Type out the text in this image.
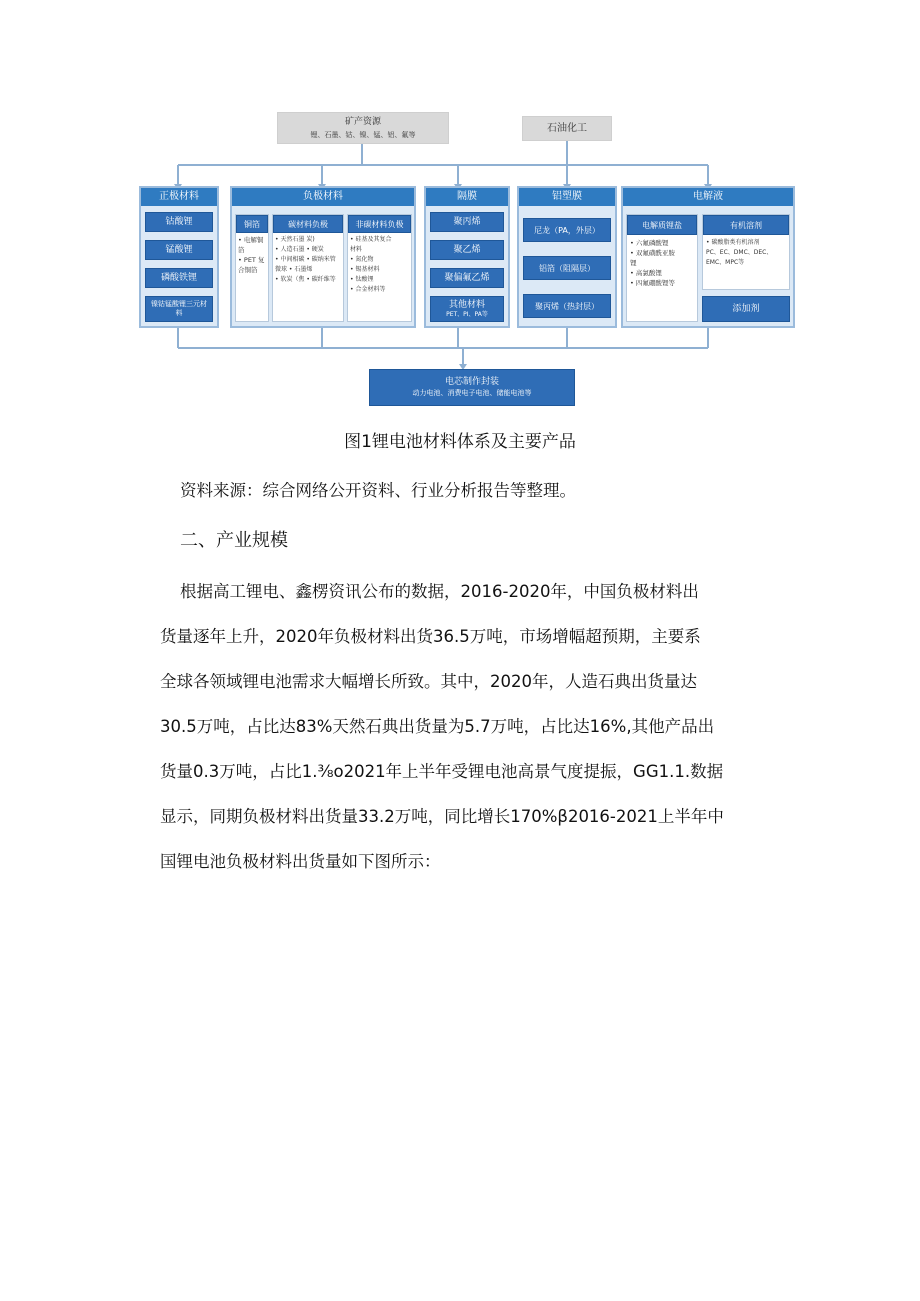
矿产资源
锂、石墨、钴、镍、锰、铝、氟等
石油化工
正极材料
钴酸锂
锰酸锂
磷酸铁锂
镍钴锰酸锂三元材料
负极材料
铜箔
• 电解铜
箔
• PET 复
合铜箔
碳材料负极
• 天然石墨 炭)
• 人造石墨 • 硬炭
• 中间相碳 • 碳纳米管
微球 • 石墨烯
• 软炭（焦 • 碳纤维等
非碳材料负极
• 硅基及其复合
材料
• 氮化物
• 锡基材料
• 钛酸锂
• 合金材料等
隔膜
聚丙烯
聚乙烯
聚偏氟乙烯
其他材料
PET、PI、PA等
铝塑膜
尼龙（PA，外层）
铝箔（阻隔层）
聚丙烯（热封层）
电解液
电解质锂盐
• 六氟磷酸锂
• 双氟磺酰亚胺
锂
• 高氯酸锂
• 四氟硼酸锂等
有机溶剂
• 碳酸脂类有机溶剂
PC、EC、DMC、DEC、
EMC、MPC等
添加剂
电芯制作封装
动力电池、消费电子电池、储能电池等
图1锂电池材料体系及主要产品
资料来源：综合网络公开资料、行业分析报告等整理。
二、产业规模
根据高工锂电、鑫楞资讯公布的数据，2016-2020年，中国负极材料出
货量逐年上升，2020年负极材料出货36.5万吨，市场增幅超预期，主要系
全球各领域锂电池需求大幅增长所致。其中，2020年，人造石典出货量达
30.5万吨，占比达83%天然石典出货量为5.7万吨，占比达16%,其他产品出
货量0.3万吨，占比1.⅜o2021年上半年受锂电池高景气度提振，GG1.1.数据
显示，同期负极材料出货量33.2万吨，同比增长170%β2016-2021上半年中
国锂电池负极材料出货量如下图所示：
